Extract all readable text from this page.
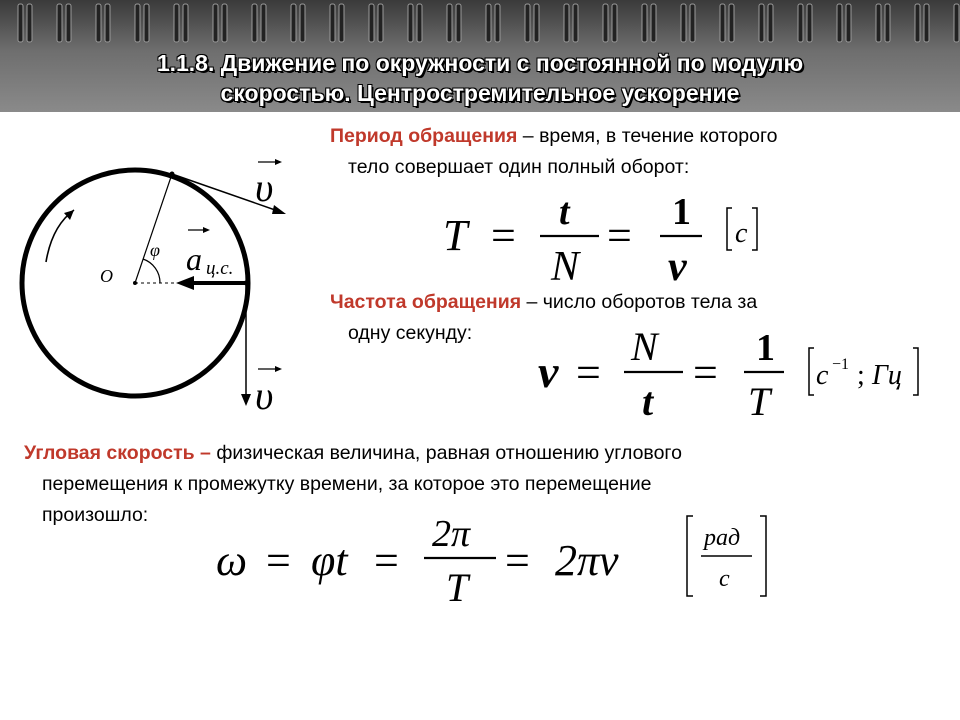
1.1.8. Движение по окружности с постоянной по модулю
скоростью. Центростремительное ускорение
O
φ
υ
υ
a ц.с.
Период обращения – время, в течение которого
тело совершает один полный оборот:
Частота обращения – число оборотов тела за
одну секунду:
Угловая скорость – физическая величина, равная отношению углового
перемещения к промежутку времени, за которое это перемещение
произошло:
T = t
N
= 1
ν
c
ν =
N
t
= 1
T
c −1 ; Гц
ω = φt =
2π
T
= 2πν	рад
c
